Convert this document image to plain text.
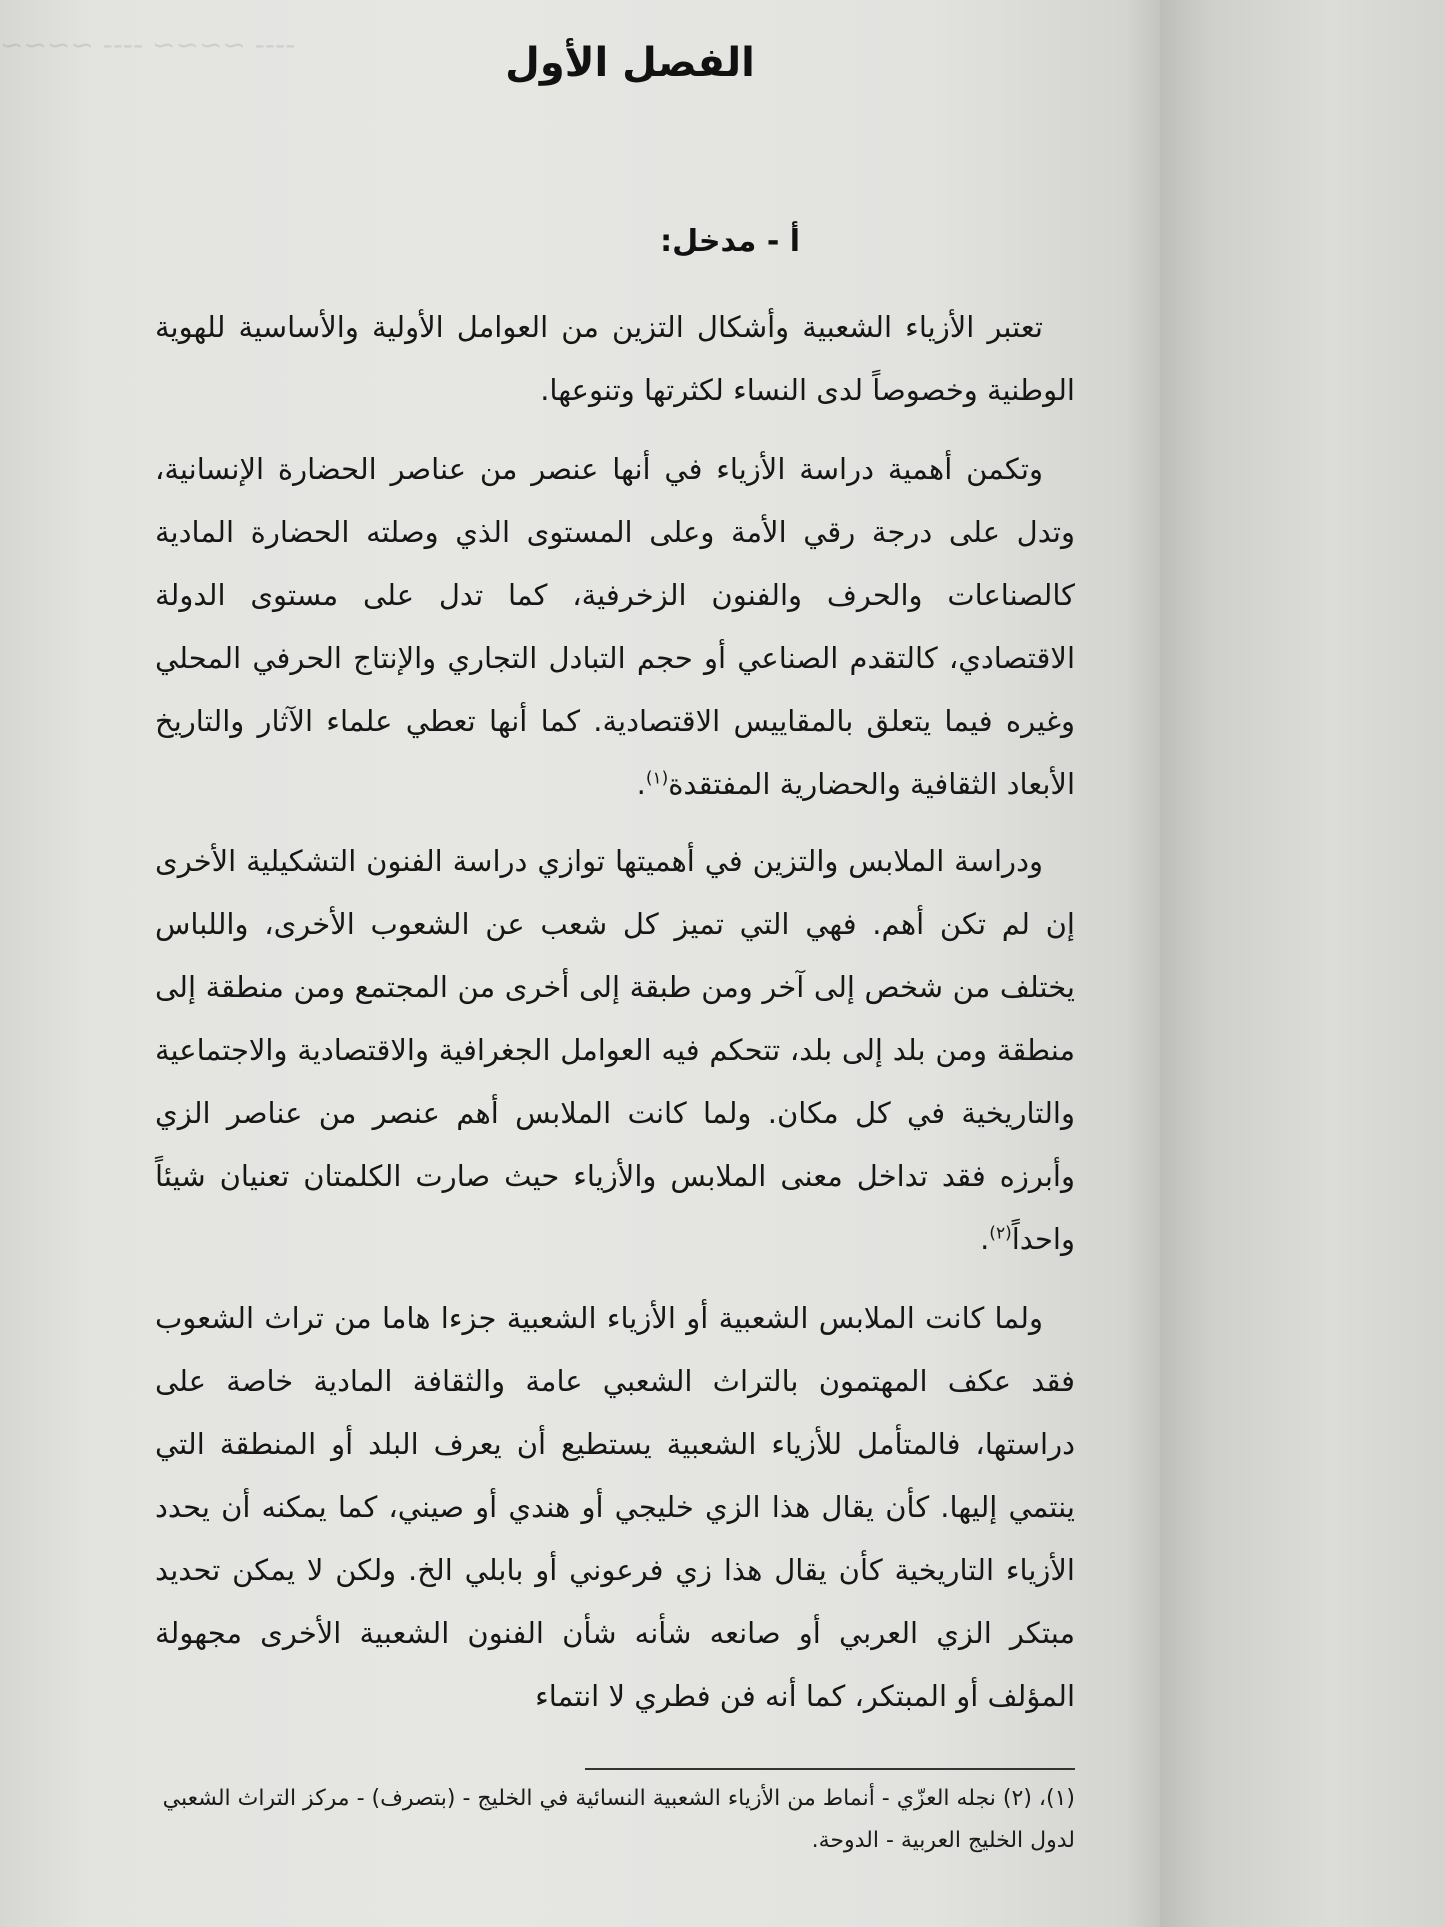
---- ~~~~ ---- ~~~~	الفصل الأول
أ - مدخل:

تعتبر الأزياء الشعبية وأشكال التزين من العوامل الأولية والأساسية للهوية الوطنية وخصوصاً لدى النساء لكثرتها وتنوعها.

وتكمن أهمية دراسة الأزياء في أنها عنصر من عناصر الحضارة الإنسانية، وتدل على درجة رقي الأمة وعلى المستوى الذي وصلته الحضارة المادية كالصناعات والحرف والفنون الزخرفية، كما تدل على مستوى الدولة الاقتصادي، كالتقدم الصناعي أو حجم التبادل التجاري والإنتاج الحرفي المحلي وغيره فيما يتعلق بالمقاييس الاقتصادية. كما أنها تعطي علماء الآثار والتاريخ الأبعاد الثقافية والحضارية المفتقدة$^{(١)}$.

ودراسة الملابس والتزين في أهميتها توازي دراسة الفنون التشكيلية الأخرى إن لم تكن أهم. فهي التي تميز كل شعب عن الشعوب الأخرى، واللباس يختلف من شخص إلى آخر ومن طبقة إلى أخرى من المجتمع ومن منطقة إلى منطقة ومن بلد إلى بلد، تتحكم فيه العوامل الجغرافية والاقتصادية والاجتماعية والتاريخية في كل مكان. ولما كانت الملابس أهم عنصر من عناصر الزي وأبرزه فقد تداخل معنى الملابس والأزياء حيث صارت الكلمتان تعنيان شيئاً واحداً$^{(٢)}$.

ولما كانت الملابس الشعبية أو الأزياء الشعبية جزءا هاما من تراث الشعوب فقد عكف المهتمون بالتراث الشعبي عامة والثقافة المادية خاصة على دراستها، فالمتأمل للأزياء الشعبية يستطيع أن يعرف البلد أو المنطقة التي ينتمي إليها. كأن يقال هذا الزي خليجي أو هندي أو صيني، كما يمكنه أن يحدد الأزياء التاريخية كأن يقال هذا زي فرعوني أو بابلي الخ. ولكن لا يمكن تحديد مبتكر الزي العربي أو صانعه شأنه شأن الفنون الشعبية الأخرى مجهولة المؤلف أو المبتكر، كما أنه فن فطري لا انتماء

(١)، (٢) نجله العزّي - أنماط من الأزياء الشعبية النسائية في الخليج - (بتصرف) - مركز التراث الشعبي لدول الخليج العربية - الدوحة.
